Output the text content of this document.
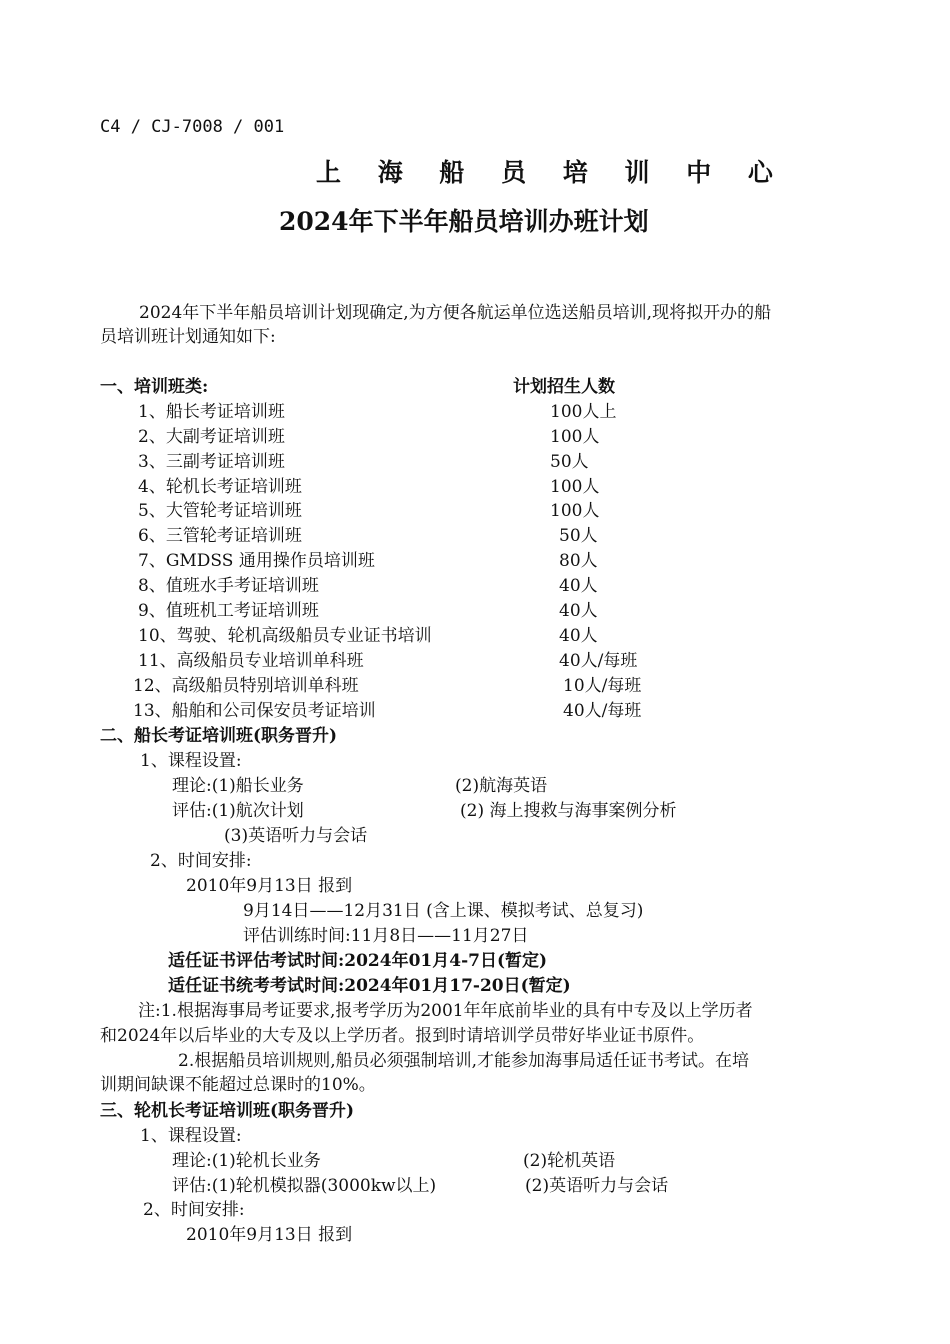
C4 / CJ-7008 / 001
上 海 船 员 培 训 中 心
2024年下半年船员培训办班计划
2024年下半年船员培训计划现确定,为方便各航运单位选送船员培训,现将拟开办的船
员培训班计划通知如下:
一、培训班类:	计划招生人数
1、船长考证培训班	100人上
2、大副考证培训班	100人
3、三副考证培训班	50人
4、轮机长考证培训班	100人
5、大管轮考证培训班	100人
6、三管轮考证培训班	50人
7、GMDSS 通用操作员培训班	80人
8、值班水手考证培训班	40人
9、值班机工考证培训班	40人
10、驾驶、轮机高级船员专业证书培训	40人
11、高级船员专业培训单科班	40人/每班
12、高级船员特别培训单科班	10人/每班
13、船舶和公司保安员考证培训	40人/每班
二、船长考证培训班(职务晋升)
1、课程设置:
理论:(1)船长业务	(2)航海英语
评估:(1)航次计划	(2) 海上搜救与海事案例分析
(3)英语听力与会话
2、时间安排:
2010年9月13日 报到
9月14日——12月31日 (含上课、模拟考试、总复习)
评估训练时间:11月8日——11月27日
适任证书评估考试时间:2024年01月4-7日(暂定)
适任证书统考考试时间:2024年01月17-20日(暂定)
注:1.根据海事局考证要求,报考学历为2001年年底前毕业的具有中专及以上学历者
和2024年以后毕业的大专及以上学历者。报到时请培训学员带好毕业证书原件。
2.根据船员培训规则,船员必须强制培训,才能参加海事局适任证书考试。在培
训期间缺课不能超过总课时的10%。
三、轮机长考证培训班(职务晋升)
1、课程设置:
理论:(1)轮机长业务	(2)轮机英语
评估:(1)轮机模拟器(3000kw以上)	(2)英语听力与会话
2、时间安排:
2010年9月13日 报到
